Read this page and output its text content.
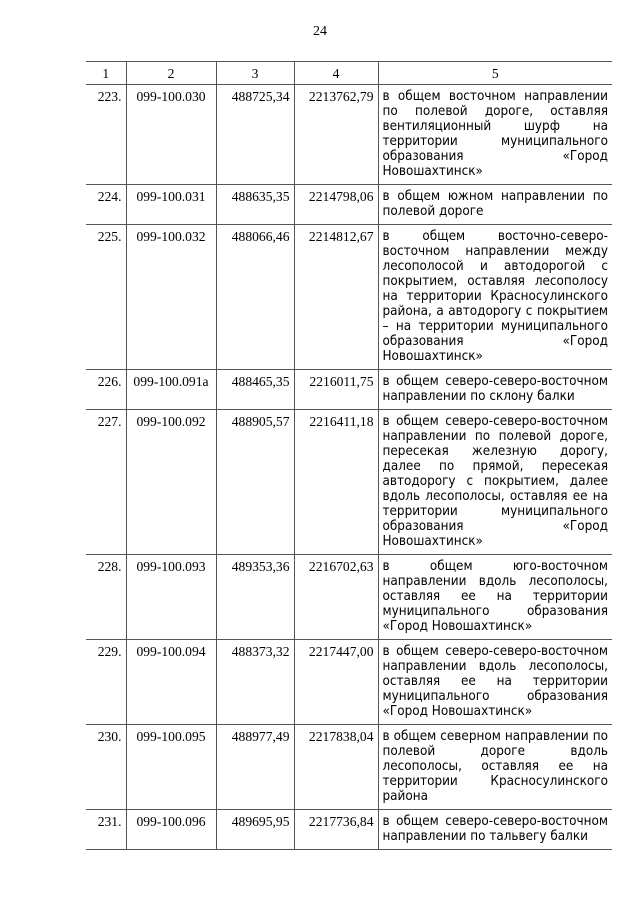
24
1	2	3	4	5
223.	099-100.030	488725,34	2213762,79	в общем восточном направлении по полевой дороге, оставляя вентиляционный шурф на территории муниципального образования «Город Новошахтинск»
224.	099-100.031	488635,35	2214798,06	в общем южном направлении по полевой дороге
225.	099-100.032	488066,46	2214812,67	в общем восточно-северо-восточном направлении между лесополосой и автодорогой с покрытием, оставляя лесополосу на территории Красносулинского района, а автодорогу с покрытием – на территории муниципального образования «Город Новошахтинск»
226.	099-100.091а	488465,35	2216011,75	в общем северо-северо-восточном направлении по склону балки
227.	099-100.092	488905,57	2216411,18	в общем северо-северо-восточном направлении по полевой дороге, пересекая железную дорогу, далее по прямой, пересекая автодорогу с покрытием, далее вдоль лесополосы, оставляя ее на территории муниципального образования «Город Новошахтинск»
228.	099-100.093	489353,36	2216702,63	в общем юго-восточном направлении вдоль лесополосы, оставляя ее на территории муниципального образования «Город Новошахтинск»
229.	099-100.094	488373,32	2217447,00	в общем северо-северо-восточном направлении вдоль лесополосы, оставляя ее на территории муниципального образования «Город Новошахтинск»
230.	099-100.095	488977,49	2217838,04	в общем северном направлении по полевой дороге вдоль лесополосы, оставляя ее на территории Красносулинского района
231.	099-100.096	489695,95	2217736,84	в общем северо-северо-восточном направлении по тальвегу балки
